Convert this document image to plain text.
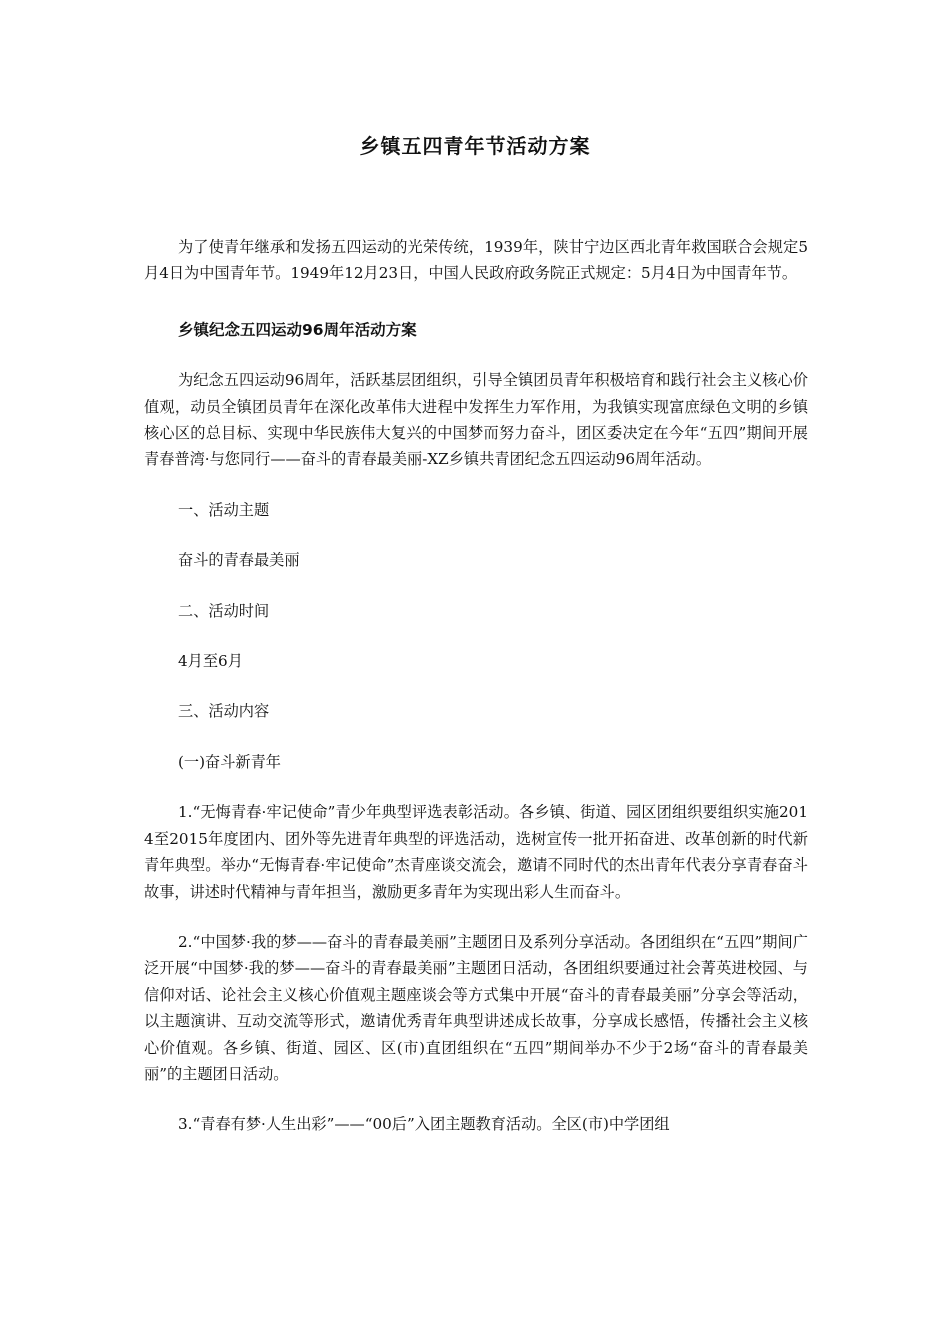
乡镇五四青年节活动方案

为了使青年继承和发扬五四运动的光荣传统，1939年，陕甘宁边区西北青年救国联合会规定5月4日为中国青年节。1949年12月23日，中国人民政府政务院正式规定：5月4日为中国青年节。

乡镇纪念五四运动96周年活动方案

为纪念五四运动96周年，活跃基层团组织，引导全镇团员青年积极培育和践行社会主义核心价值观，动员全镇团员青年在深化改革伟大进程中发挥生力军作用，为我镇实现富庶绿色文明的乡镇核心区的总目标、实现中华民族伟大复兴的中国梦而努力奋斗，团区委决定在今年“五四”期间开展青春普湾·与您同行——奋斗的青春最美丽-XZ乡镇共青团纪念五四运动96周年活动。

一、活动主题

奋斗的青春最美丽

二、活动时间

4月至6月

三、活动内容

(一)奋斗新青年

1.“无悔青春·牢记使命”青少年典型评选表彰活动。各乡镇、街道、园区团组织要组织实施2014至2015年度团内、团外等先进青年典型的评选活动，选树宣传一批开拓奋进、改革创新的时代新青年典型。举办“无悔青春·牢记使命”杰青座谈交流会，邀请不同时代的杰出青年代表分享青春奋斗故事，讲述时代精神与青年担当，激励更多青年为实现出彩人生而奋斗。

2.“中国梦·我的梦——奋斗的青春最美丽”主题团日及系列分享活动。各团组织在“五四”期间广泛开展“中国梦·我的梦——奋斗的青春最美丽”主题团日活动，各团组织要通过社会菁英进校园、与信仰对话、论社会主义核心价值观主题座谈会等方式集中开展“奋斗的青春最美丽”分享会等活动，以主题演讲、互动交流等形式，邀请优秀青年典型讲述成长故事，分享成长感悟，传播社会主义核心价值观。各乡镇、街道、园区、区(市)直团组织在“五四”期间举办不少于2场“奋斗的青春最美丽”的主题团日活动。

3.“青春有梦·人生出彩”——“00后”入团主题教育活动。全区(市)中学团组
